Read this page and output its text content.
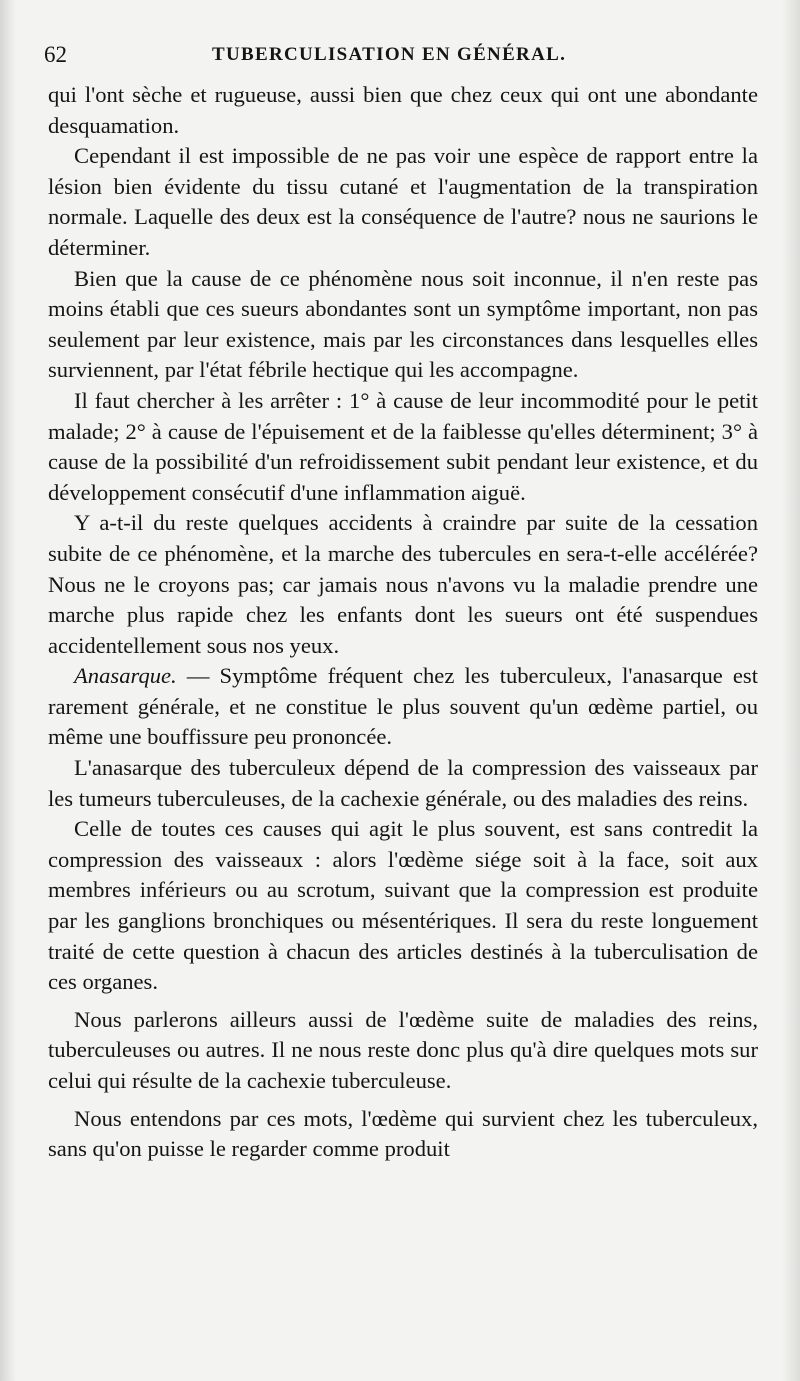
62	TUBERCULISATION EN GÉNÉRAL.

qui l'ont sèche et rugueuse, aussi bien que chez ceux qui ont une abondante desquamation.

Cependant il est impossible de ne pas voir une espèce de rapport entre la lésion bien évidente du tissu cutané et l'augmentation de la transpiration normale. Laquelle des deux est la conséquence de l'autre? nous ne saurions le déterminer.

Bien que la cause de ce phénomène nous soit inconnue, il n'en reste pas moins établi que ces sueurs abondantes sont un symptôme important, non pas seulement par leur existence, mais par les circonstances dans lesquelles elles surviennent, par l'état fébrile hectique qui les accompagne.

Il faut chercher à les arrêter : 1° à cause de leur incommodité pour le petit malade; 2° à cause de l'épuisement et de la faiblesse qu'elles déterminent; 3° à cause de la possibilité d'un refroidissement subit pendant leur existence, et du développement consécutif d'une inflammation aiguë.

Y a-t-il du reste quelques accidents à craindre par suite de la cessation subite de ce phénomène, et la marche des tubercules en sera-t-elle accélérée? Nous ne le croyons pas; car jamais nous n'avons vu la maladie prendre une marche plus rapide chez les enfants dont les sueurs ont été suspendues accidentellement sous nos yeux.

Anasarque. — Symptôme fréquent chez les tuberculeux, l'anasarque est rarement générale, et ne constitue le plus souvent qu'un œdème partiel, ou même une bouffissure peu prononcée.

L'anasarque des tuberculeux dépend de la compression des vaisseaux par les tumeurs tuberculeuses, de la cachexie générale, ou des maladies des reins.

Celle de toutes ces causes qui agit le plus souvent, est sans contredit la compression des vaisseaux : alors l'œdème siége soit à la face, soit aux membres inférieurs ou au scrotum, suivant que la compression est produite par les ganglions bronchiques ou mésentériques. Il sera du reste longuement traité de cette question à chacun des articles destinés à la tuberculisation de ces organes.

Nous parlerons ailleurs aussi de l'œdème suite de maladies des reins, tuberculeuses ou autres. Il ne nous reste donc plus qu'à dire quelques mots sur celui qui résulte de la cachexie tuberculeuse.

Nous entendons par ces mots, l'œdème qui survient chez les tuberculeux, sans qu'on puisse le regarder comme produit
